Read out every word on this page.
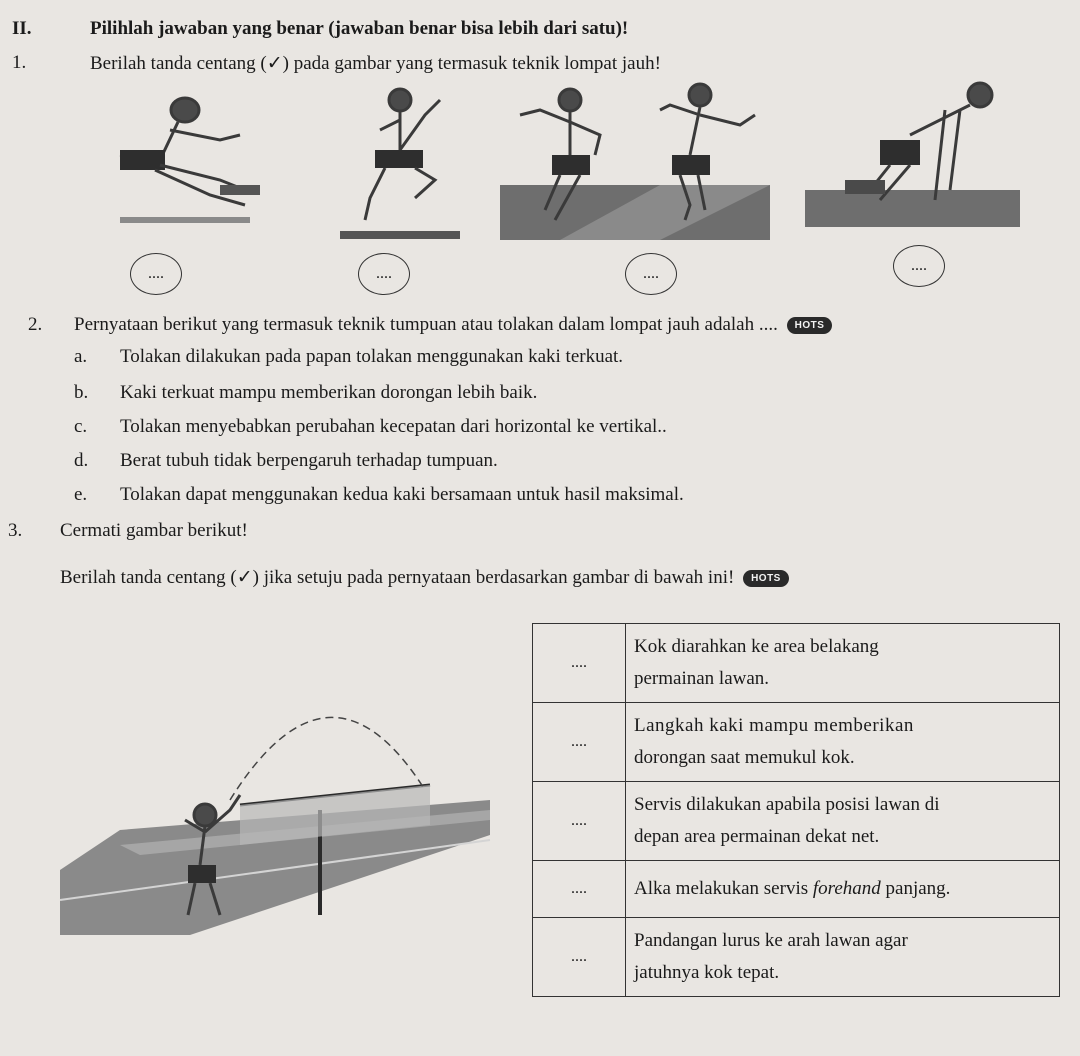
II.	Pilihlah jawaban yang benar (jawaban benar bisa lebih dari satu)!
1.	Berilah tanda centang (✓) pada gambar yang termasuk teknik lompat jauh!
....	....	....	....
2. Pernyataan berikut yang termasuk teknik tumpuan atau tolakan dalam lompat jauh adalah .... HOTS
a. Tolakan dilakukan pada papan tolakan menggunakan kaki terkuat.
b. Kaki terkuat mampu memberikan dorongan lebih baik.
c. Tolakan menyebabkan perubahan kecepatan dari horizontal ke vertikal..
d. Berat tubuh tidak berpengaruh terhadap tumpuan.
e. Tolakan dapat menggunakan kedua kaki bersamaan untuk hasil maksimal.
3. Cermati gambar berikut!
Berilah tanda centang (✓) jika setuju pada pernyataan berdasarkan gambar di bawah ini! HOTS
....	Kok diarahkan ke area belakang
permainan lawan.

....	Langkah kaki mampu memberikan
dorongan saat memukul kok.

....	Servis dilakukan apabila posisi lawan di
depan area permainan dekat net.

....	Alka melakukan servis forehand panjang.

....	Pandangan lurus ke arah lawan agar
jatuhnya kok tepat.
